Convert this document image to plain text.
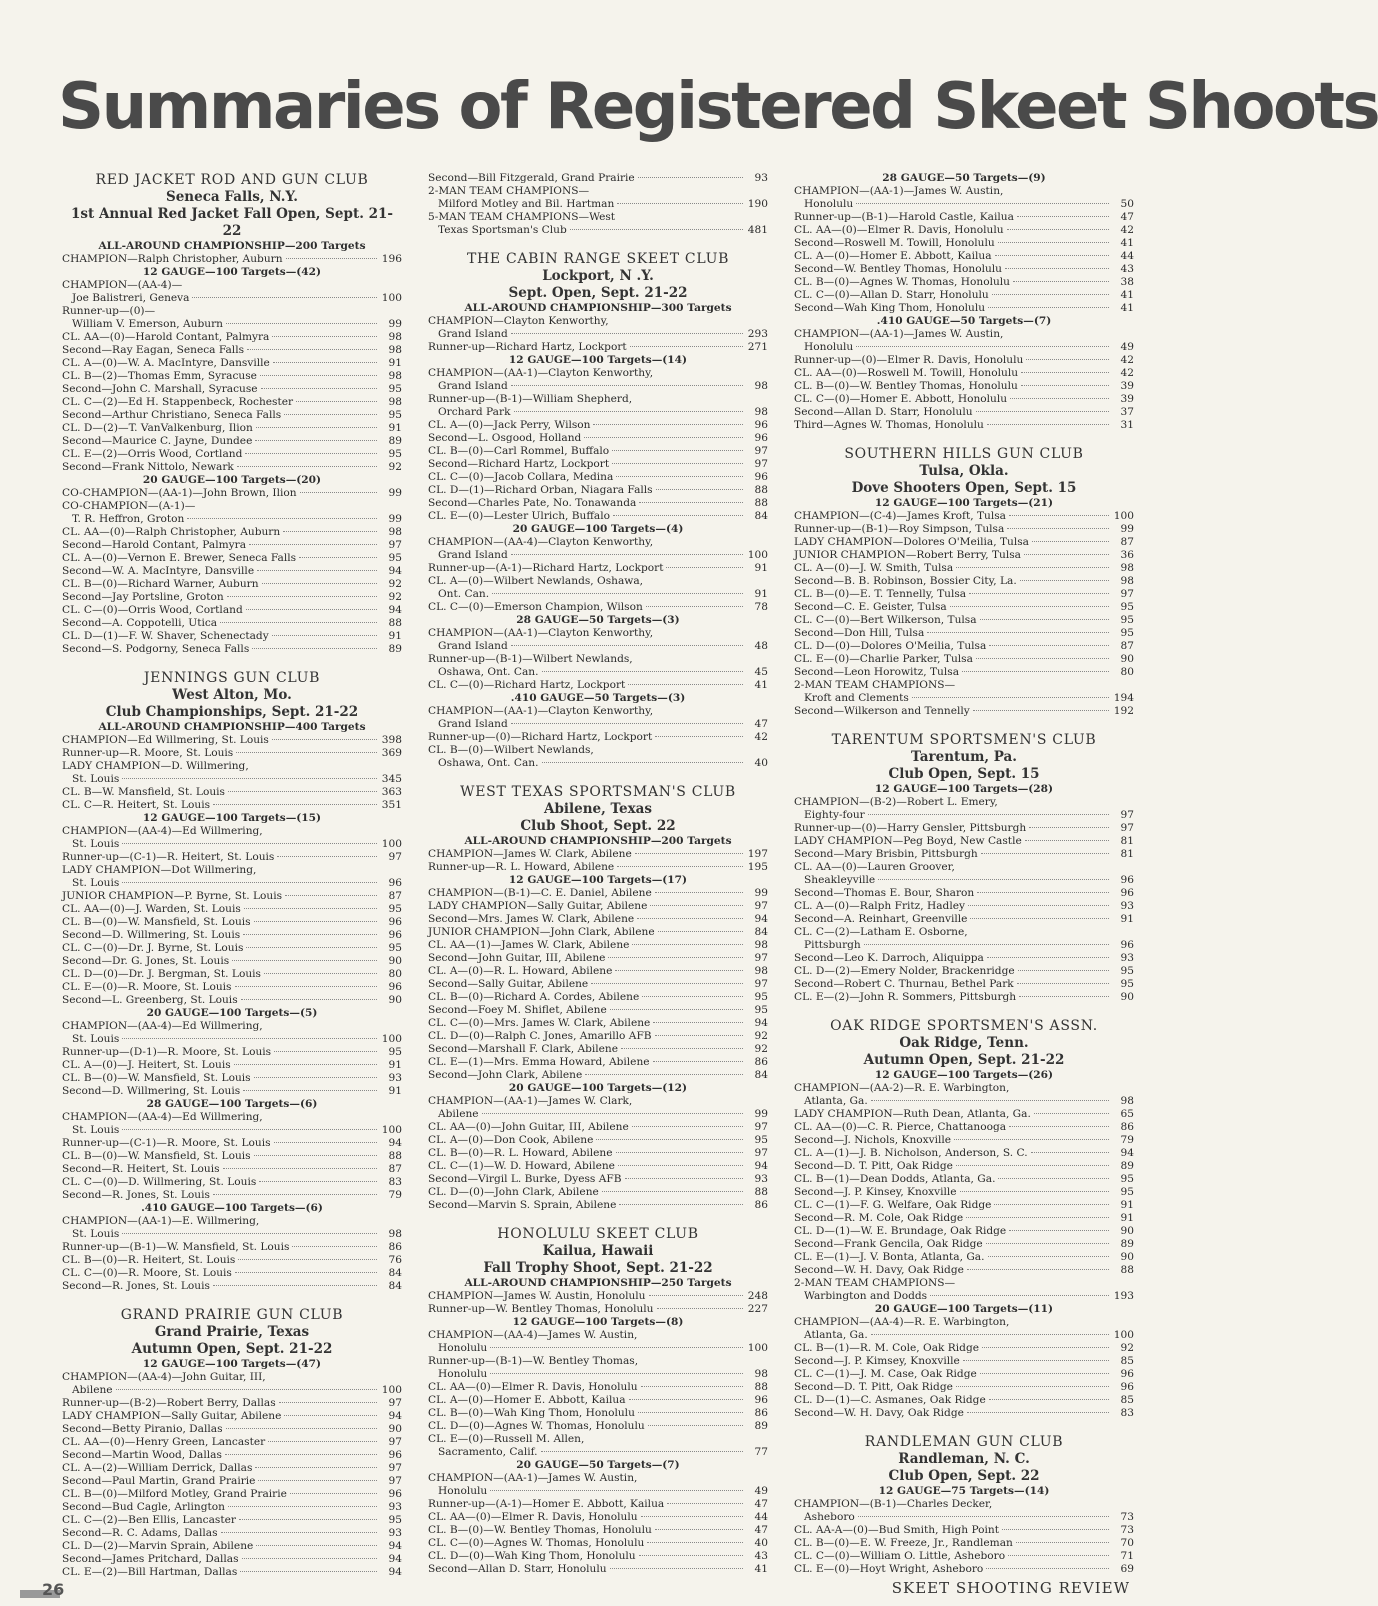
Summaries of Registered Skeet Shoots
RED JACKET ROD AND GUN CLUB
Seneca Falls, N.Y.
1st Annual Red Jacket Fall Open, Sept. 21-22
ALL-AROUND CHAMPIONSHIP—200 Targets
CHAMPION—Ralph Christopher, Auburn	196
12 GAUGE—100 Targets—(42)
CHAMPION—(AA-4)—
Joe Balistreri, Geneva	100
Runner-up—(0)—
William V. Emerson, Auburn	99
CL. AA—(0)—Harold Contant, Palmyra	98
Second—Ray Eagan, Seneca Falls	98
CL. A—(0)—W. A. MacIntyre, Dansville	91
CL. B—(2)—Thomas Emm, Syracuse	98
Second—John C. Marshall, Syracuse	95
CL. C—(2)—Ed H. Stappenbeck, Rochester	98
Second—Arthur Christiano, Seneca Falls	95
CL. D—(2)—T. VanValkenburg, Ilion	91
Second—Maurice C. Jayne, Dundee	89
CL. E—(2)—Orris Wood, Cortland	95
Second—Frank Nittolo, Newark	92
20 GAUGE—100 Targets—(20)
CO-CHAMPION—(AA-1)—John Brown, Ilion	99
CO-CHAMPION—(A-1)—
T. R. Heffron, Groton	99
CL. AA—(0)—Ralph Christopher, Auburn	98
Second—Harold Contant, Palmyra	97
CL. A—(0)—Vernon E. Brewer, Seneca Falls	95
Second—W. A. MacIntyre, Dansville	94
CL. B—(0)—Richard Warner, Auburn	92
Second—Jay Portsline, Groton	92
CL. C—(0)—Orris Wood, Cortland	94
Second—A. Coppotelli, Utica	88
CL. D—(1)—F. W. Shaver, Schenectady	91
Second—S. Podgorny, Seneca Falls	89
JENNINGS GUN CLUB
West Alton, Mo.
Club Championships, Sept. 21-22
ALL-AROUND CHAMPIONSHIP—400 Targets
CHAMPION—Ed Willmering, St. Louis	398
Runner-up—R. Moore, St. Louis	369
LADY CHAMPION—D. Willmering,
St. Louis	345
CL. B—W. Mansfield, St. Louis	363
CL. C—R. Heitert, St. Louis	351
12 GAUGE—100 Targets—(15)
CHAMPION—(AA-4)—Ed Willmering,
St. Louis	100
Runner-up—(C-1)—R. Heitert, St. Louis	97
LADY CHAMPION—Dot Willmering,
St. Louis	96
JUNIOR CHAMPION—P. Byrne, St. Louis	87
CL. AA—(0)—J. Warden, St. Louis	95
CL. B—(0)—W. Mansfield, St. Louis	96
Second—D. Willmering, St. Louis	96
CL. C—(0)—Dr. J. Byrne, St. Louis	95
Second—Dr. G. Jones, St. Louis	90
CL. D—(0)—Dr. J. Bergman, St. Louis	80
CL. E—(0)—R. Moore, St. Louis	96
Second—L. Greenberg, St. Louis	90
20 GAUGE—100 Targets—(5)
CHAMPION—(AA-4)—Ed Willmering,
St. Louis	100
Runner-up—(D-1)—R. Moore, St. Louis	95
CL. A—(0)—J. Heitert, St. Louis	91
CL. B—(0)—W. Mansfield, St. Louis	93
Second—D. Willmering, St. Louis	91
28 GAUGE—100 Targets—(6)
CHAMPION—(AA-4)—Ed Willmering,
St. Louis	100
Runner-up—(C-1)—R. Moore, St. Louis	94
CL. B—(0)—W. Mansfield, St. Louis	88
Second—R. Heitert, St. Louis	87
CL. C—(0)—D. Willmering, St. Louis	83
Second—R. Jones, St. Louis	79
.410 GAUGE—100 Targets—(6)
CHAMPION—(AA-1)—E. Willmering,
St. Louis	98
Runner-up—(B-1)—W. Mansfield, St. Louis	86
CL. B—(0)—R. Heitert, St. Louis	76
CL. C—(0)—R. Moore, St. Louis	84
Second—R. Jones, St. Louis	84
GRAND PRAIRIE GUN CLUB
Grand Prairie, Texas
Autumn Open, Sept. 21-22
12 GAUGE—100 Targets—(47)
CHAMPION—(AA-4)—John Guitar, III,
Abilene	100
Runner-up—(B-2)—Robert Berry, Dallas	97
LADY CHAMPION—Sally Guitar, Abilene	94
Second—Betty Piranio, Dallas	90
CL. AA—(0)—Henry Green, Lancaster	97
Second—Martin Wood, Dallas	96
CL. A—(2)—William Derrick, Dallas	97
Second—Paul Martin, Grand Prairie	97
CL. B—(0)—Milford Motley, Grand Prairie	96
Second—Bud Cagle, Arlington	93
CL. C—(2)—Ben Ellis, Lancaster	95
Second—R. C. Adams, Dallas	93
CL. D—(2)—Marvin Sprain, Abilene	94
Second—James Pritchard, Dallas	94
CL. E—(2)—Bill Hartman, Dallas	94
Second—Bill Fitzgerald, Grand Prairie	93
2-MAN TEAM CHAMPIONS—
Milford Motley and Bil. Hartman	190
5-MAN TEAM CHAMPIONS—West
Texas Sportsman's Club	481
THE CABIN RANGE SKEET CLUB
Lockport, N .Y.
Sept. Open, Sept. 21-22
ALL-AROUND CHAMPIONSHIP—300 Targets
CHAMPION—Clayton Kenworthy,
Grand Island	293
Runner-up—Richard Hartz, Lockport	271
12 GAUGE—100 Targets—(14)
CHAMPION—(AA-1)—Clayton Kenworthy,
Grand Island	98
Runner-up—(B-1)—William Shepherd,
Orchard Park	98
CL. A—(0)—Jack Perry, Wilson	96
Second—L. Osgood, Holland	96
CL. B—(0)—Carl Rommel, Buffalo	97
Second—Richard Hartz, Lockport	97
CL. C—(0)—Jacob Collara, Medina	96
CL. D—(1)—Richard Orban, Niagara Falls	88
Second—Charles Pate, No. Tonawanda	88
CL. E—(0)—Lester Ulrich, Buffalo	84
20 GAUGE—100 Targets—(4)
CHAMPION—(AA-4)—Clayton Kenworthy,
Grand Island	100
Runner-up—(A-1)—Richard Hartz, Lockport	91
CL. A—(0)—Wilbert Newlands, Oshawa,
Ont. Can.	91
CL. C—(0)—Emerson Champion, Wilson	78
28 GAUGE—50 Targets—(3)
CHAMPION—(AA-1)—Clayton Kenworthy,
Grand Island	48
Runner-up—(B-1)—Wilbert Newlands,
Oshawa, Ont. Can.	45
CL. C—(0)—Richard Hartz, Lockport	41
.410 GAUGE—50 Targets—(3)
CHAMPION—(AA-1)—Clayton Kenworthy,
Grand Island	47
Runner-up—(0)—Richard Hartz, Lockport	42
CL. B—(0)—Wilbert Newlands,
Oshawa, Ont. Can.	40
WEST TEXAS SPORTSMAN'S CLUB
Abilene, Texas
Club Shoot, Sept. 22
ALL-AROUND CHAMPIONSHIP—200 Targets
CHAMPION—James W. Clark, Abilene	197
Runner-up—R. L. Howard, Abilene	195
12 GAUGE—100 Targets—(17)
CHAMPION—(B-1)—C. E. Daniel, Abilene	99
LADY CHAMPION—Sally Guitar, Abilene	97
Second—Mrs. James W. Clark, Abilene	94
JUNIOR CHAMPION—John Clark, Abilene	84
CL. AA—(1)—James W. Clark, Abilene	98
Second—John Guitar, III, Abilene	97
CL. A—(0)—R. L. Howard, Abilene	98
Second—Sally Guitar, Abilene	97
CL. B—(0)—Richard A. Cordes, Abilene	95
Second—Foey M. Shiflet, Abilene	95
CL. C—(0)—Mrs. James W. Clark, Abilene	94
CL. D—(0)—Ralph C. Jones, Amarillo AFB	92
Second—Marshall F. Clark, Abilene	92
CL. E—(1)—Mrs. Emma Howard, Abilene	86
Second—John Clark, Abilene	84
20 GAUGE—100 Targets—(12)
CHAMPION—(AA-1)—James W. Clark,
Abilene	99
CL. AA—(0)—John Guitar, III, Abilene	97
CL. A—(0)—Don Cook, Abilene	95
CL. B—(0)—R. L. Howard, Abilene	97
CL. C—(1)—W. D. Howard, Abilene	94
Second—Virgil L. Burke, Dyess AFB	93
CL. D—(0)—John Clark, Abilene	88
Second—Marvin S. Sprain, Abilene	86
HONOLULU SKEET CLUB
Kailua, Hawaii
Fall Trophy Shoot, Sept. 21-22
ALL-AROUND CHAMPIONSHIP—250 Targets
CHAMPION—James W. Austin, Honolulu	248
Runner-up—W. Bentley Thomas, Honolulu	227
12 GAUGE—100 Targets—(8)
CHAMPION—(AA-4)—James W. Austin,
Honolulu	100
Runner-up—(B-1)—W. Bentley Thomas,
Honolulu	98
CL. AA—(0)—Elmer R. Davis, Honolulu	88
CL. A—(0)—Homer E. Abbott, Kailua	96
CL. B—(0)—Wah King Thom, Honolulu	86
CL. D—(0)—Agnes W. Thomas, Honolulu	89
CL. E—(0)—Russell M. Allen,
Sacramento, Calif.	77
20 GAUGE—50 Targets—(7)
CHAMPION—(AA-1)—James W. Austin,
Honolulu	49
Runner-up—(A-1)—Homer E. Abbott, Kailua	47
CL. AA—(0)—Elmer R. Davis, Honolulu	44
CL. B—(0)—W. Bentley Thomas, Honolulu	47
CL. C—(0)—Agnes W. Thomas, Honolulu	40
CL. D—(0)—Wah King Thom, Honolulu	43
Second—Allan D. Starr, Honolulu	41
28 GAUGE—50 Targets—(9)
CHAMPION—(AA-1)—James W. Austin,
Honolulu	50
Runner-up—(B-1)—Harold Castle, Kailua	47
CL. AA—(0)—Elmer R. Davis, Honolulu	42
Second—Roswell M. Towill, Honolulu	41
CL. A—(0)—Homer E. Abbott, Kailua	44
Second—W. Bentley Thomas, Honolulu	43
CL. B—(0)—Agnes W. Thomas, Honolulu	38
CL. C—(0)—Allan D. Starr, Honolulu	41
Second—Wah King Thom, Honolulu	41
.410 GAUGE—50 Targets—(7)
CHAMPION—(AA-1)—James W. Austin,
Honolulu	49
Runner-up—(0)—Elmer R. Davis, Honolulu	42
CL. AA—(0)—Roswell M. Towill, Honolulu	42
CL. B—(0)—W. Bentley Thomas, Honolulu	39
CL. C—(0)—Homer E. Abbott, Honolulu	39
Second—Allan D. Starr, Honolulu	37
Third—Agnes W. Thomas, Honolulu	31
SOUTHERN HILLS GUN CLUB
Tulsa, Okla.
Dove Shooters Open, Sept. 15
12 GAUGE—100 Targets—(21)
CHAMPION—(C-4)—James Kroft, Tulsa	100
Runner-up—(B-1)—Roy Simpson, Tulsa	99
LADY CHAMPION—Dolores O'Meilia, Tulsa	87
JUNIOR CHAMPION—Robert Berry, Tulsa	36
CL. A—(0)—J. W. Smith, Tulsa	98
Second—B. B. Robinson, Bossier City, La.	98
CL. B—(0)—E. T. Tennelly, Tulsa	97
Second—C. E. Geister, Tulsa	95
CL. C—(0)—Bert Wilkerson, Tulsa	95
Second—Don Hill, Tulsa	95
CL. D—(0)—Dolores O'Meilia, Tulsa	87
CL. E—(0)—Charlie Parker, Tulsa	90
Second—Leon Horowitz, Tulsa	80
2-MAN TEAM CHAMPIONS—
Kroft and Clements	194
Second—Wilkerson and Tennelly	192
TARENTUM SPORTSMEN'S CLUB
Tarentum, Pa.
Club Open, Sept. 15
12 GAUGE—100 Targets—(28)
CHAMPION—(B-2)—Robert L. Emery,
Eighty-four	97
Runner-up—(0)—Harry Gensler, Pittsburgh	97
LADY CHAMPION—Peg Boyd, New Castle	81
Second—Mary Brisbin, Pittsburgh	81
CL. AA—(0)—Lauren Groover,
Sheakleyville	96
Second—Thomas E. Bour, Sharon	96
CL. A—(0)—Ralph Fritz, Hadley	93
Second—A. Reinhart, Greenville	91
CL. C—(2)—Latham E. Osborne,
Pittsburgh	96
Second—Leo K. Darroch, Aliquippa	93
CL. D—(2)—Emery Nolder, Brackenridge	95
Second—Robert C. Thurnau, Bethel Park	95
CL. E—(2)—John R. Sommers, Pittsburgh	90
OAK RIDGE SPORTSMEN'S ASSN.
Oak Ridge, Tenn.
Autumn Open, Sept. 21-22
12 GAUGE—100 Targets—(26)
CHAMPION—(AA-2)—R. E. Warbington,
Atlanta, Ga.	98
LADY CHAMPION—Ruth Dean, Atlanta, Ga.	65
CL. AA—(0)—C. R. Pierce, Chattanooga	86
Second—J. Nichols, Knoxville	79
CL. A—(1)—J. B. Nicholson, Anderson, S. C.	94
Second—D. T. Pitt, Oak Ridge	89
CL. B—(1)—Dean Dodds, Atlanta, Ga.	95
Second—J. P. Kinsey, Knoxville	95
CL. C—(1)—F. G. Welfare, Oak Ridge	91
Second—R. M. Cole, Oak Ridge	91
CL. D—(1)—W. E. Brundage, Oak Ridge	90
Second—Frank Gencila, Oak Ridge	89
CL. E—(1)—J. V. Bonta, Atlanta, Ga.	90
Second—W. H. Davy, Oak Ridge	88
2-MAN TEAM CHAMPIONS—
Warbington and Dodds	193
20 GAUGE—100 Targets—(11)
CHAMPION—(AA-4)—R. E. Warbington,
Atlanta, Ga.	100
CL. B—(1)—R. M. Cole, Oak Ridge	92
Second—J. P. Kimsey, Knoxville	85
CL. C—(1)—J. M. Case, Oak Ridge	96
Second—D. T. Pitt, Oak Ridge	96
CL. D—(1)—C. Asmanes, Oak Ridge	85
Second—W. H. Davy, Oak Ridge	83
RANDLEMAN GUN CLUB
Randleman, N. C.
Club Open, Sept. 22
12 GAUGE—75 Targets—(14)
CHAMPION—(B-1)—Charles Decker,
Asheboro	73
CL. AA-A—(0)—Bud Smith, High Point	73
CL. B—(0)—E. W. Freeze, Jr., Randleman	70
CL. C—(0)—William O. Little, Asheboro	71
CL. E—(0)—Hoyt Wright, Asheboro	69
26	SKEET SHOOTING REVIEW
